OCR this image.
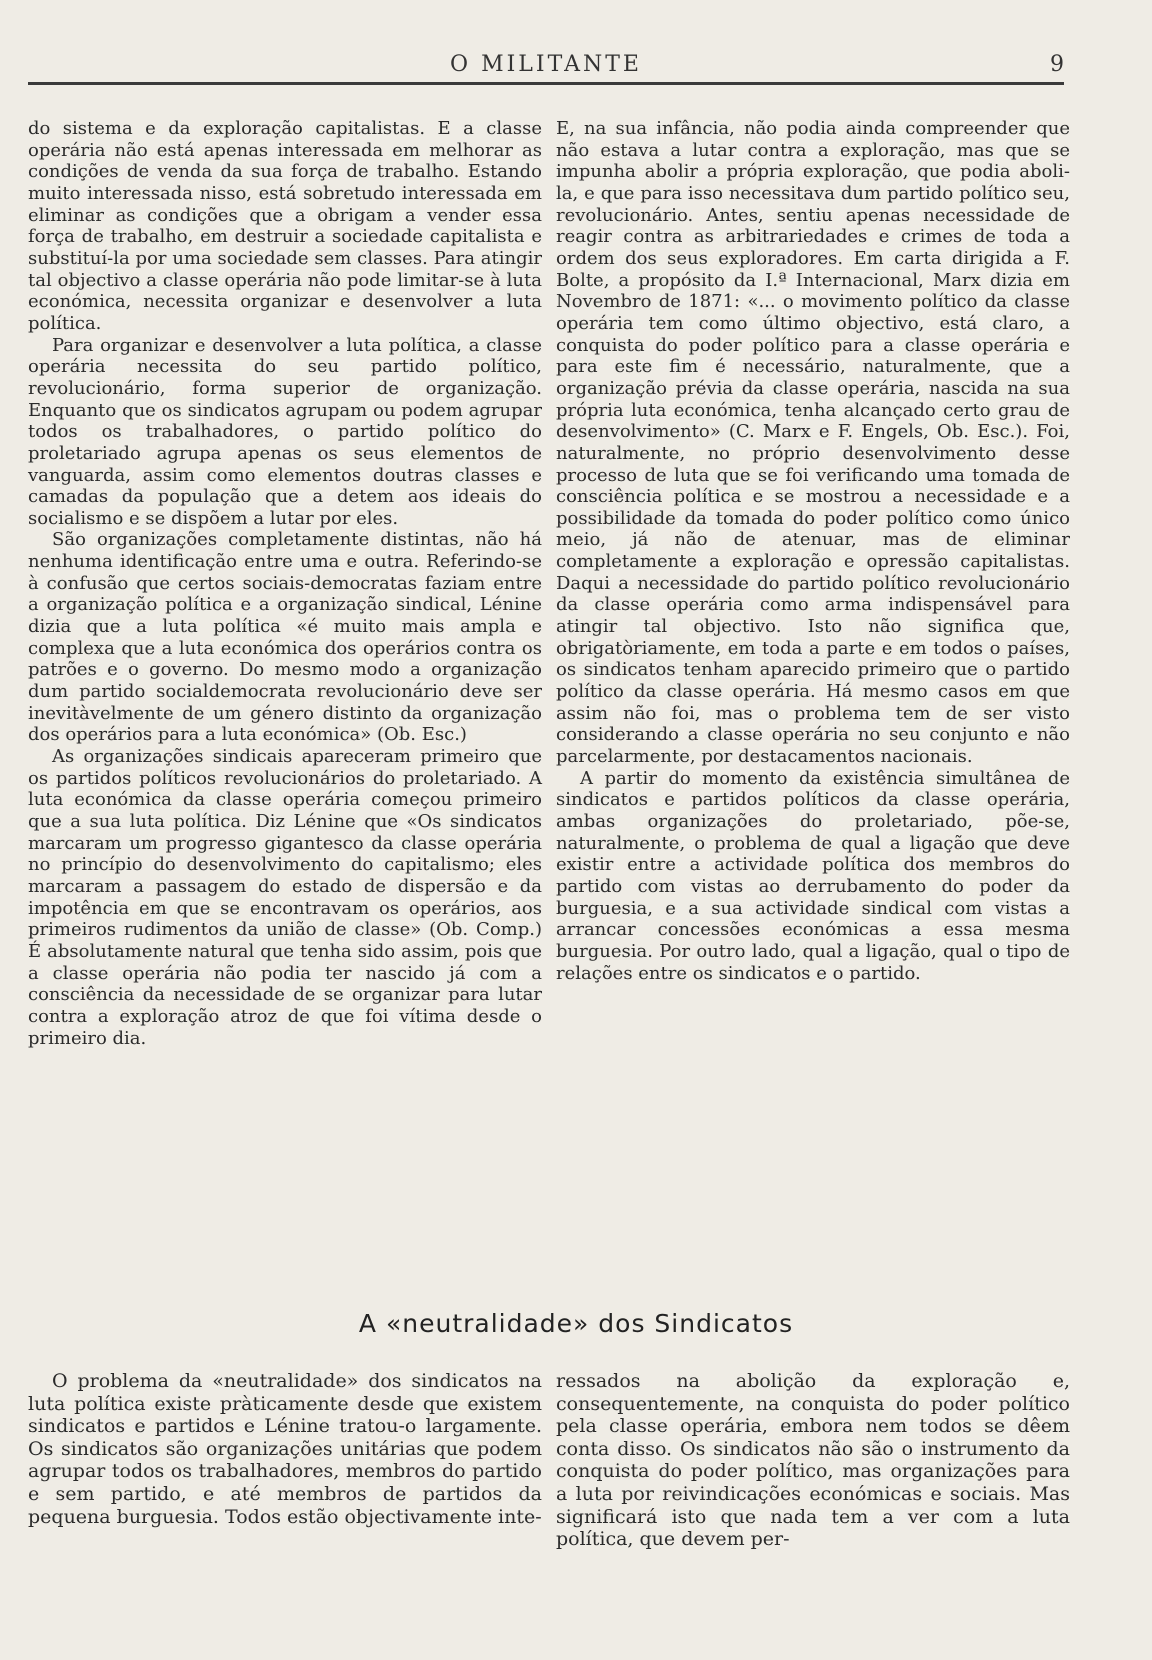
O MILITANTE	9

do sistema e da exploração capitalistas. E a classe operária não está apenas interessada em melhorar as condições de venda da sua força de trabalho. Estando muito interessada nisso, está sobretudo interessada em eliminar as condições que a obrigam a vender essa força de trabalho, em destruir a sociedade capitalista e substituí-la por uma sociedade sem classes. Para atingir tal objectivo a classe operária não pode limitar-se à luta económica, necessita organizar e desenvolver a luta política.

Para organizar e desenvolver a luta política, a classe operária necessita do seu partido político, revolucionário, forma superior de organização. Enquanto que os sindicatos agrupam ou podem agrupar todos os trabalhadores, o partido político do proletariado agrupa apenas os seus elementos de vanguarda, assim como elementos doutras classes e camadas da população que a detem aos ideais do socialismo e se dispõem a lutar por eles.

São organizações completamente distintas, não há nenhuma identificação entre uma e outra. Referindo-se à confusão que certos sociais-democratas faziam entre a organização política e a organização sindical, Lénine dizia que a luta política «é muito mais ampla e complexa que a luta económica dos operários contra os patrões e o governo. Do mesmo modo a organização dum partido socialdemocrata revolucionário deve ser inevitàvelmente de um género distinto da organização dos operários para a luta económica» (Ob. Esc.)

As organizações sindicais apareceram primeiro que os partidos políticos revolucionários do proletariado. A luta económica da classe operária começou primeiro que a sua luta política. Diz Lénine que «Os sindicatos marcaram um progresso gigantesco da classe operária no princípio do desenvolvimento do capitalismo; eles marcaram a passagem do estado de dispersão e da impotência em que se encontravam os operários, aos primeiros rudimentos da união de classe» (Ob. Comp.) É absolutamente natural que tenha sido assim, pois que a classe operária não podia ter nascido já com a consciência da necessidade de se organizar para lutar contra a exploração atroz de que foi vítima desde o primeiro dia.

E, na sua infância, não podia ainda compreender que não estava a lutar contra a exploração, mas que se impunha abolir a própria exploração, que podia aboli-la, e que para isso necessitava dum partido político seu, revolucionário. Antes, sentiu apenas necessidade de reagir contra as arbitrariedades e crimes de toda a ordem dos seus exploradores. Em carta dirigida a F. Bolte, a propósito da I.ª Internacional, Marx dizia em Novembro de 1871: «... o movimento político da classe operária tem como último objectivo, está claro, a conquista do poder político para a classe operária e para este fim é necessário, naturalmente, que a organização prévia da classe operária, nascida na sua própria luta económica, tenha alcançado certo grau de desenvolvimento» (C. Marx e F. Engels, Ob. Esc.). Foi, naturalmente, no próprio desenvolvimento desse processo de luta que se foi verificando uma tomada de consciência política e se mostrou a necessidade e a possibilidade da tomada do poder político como único meio, já não de atenuar, mas de eliminar completamente a exploração e opressão capitalistas. Daqui a necessidade do partido político revolucionário da classe operária como arma indispensável para atingir tal objectivo. Isto não significa que, obrigatòriamente, em toda a parte e em todos o países, os sindicatos tenham aparecido primeiro que o partido político da classe operária. Há mesmo casos em que assim não foi, mas o problema tem de ser visto considerando a classe operária no seu conjunto e não parcelarmente, por destacamentos nacionais.

A partir do momento da existência simultânea de sindicatos e partidos políticos da classe operária, ambas organizações do proletariado, põe-se, naturalmente, o problema de qual a ligação que deve existir entre a actividade política dos membros do partido com vistas ao derrubamento do poder da burguesia, e a sua actividade sindical com vistas a arrancar concessões económicas a essa mesma burguesia. Por outro lado, qual a ligação, qual o tipo de relações entre os sindicatos e o partido.

A «neutralidade» dos Sindicatos

O problema da «neutralidade» dos sindicatos na luta política existe pràticamente desde que existem sindicatos e partidos e Lénine tratou-o largamente. Os sindicatos são organizações unitárias que podem agrupar todos os trabalhadores, membros do partido e sem partido, e até membros de partidos da pequena burguesia. Todos estão objectivamente inte-

ressados na abolição da exploração e, consequentemente, na conquista do poder político pela classe operária, embora nem todos se dêem conta disso. Os sindicatos não são o instrumento da conquista do poder político, mas organizações para a luta por reivindicações económicas e sociais. Mas significará isto que nada tem a ver com a luta política, que devem per-
